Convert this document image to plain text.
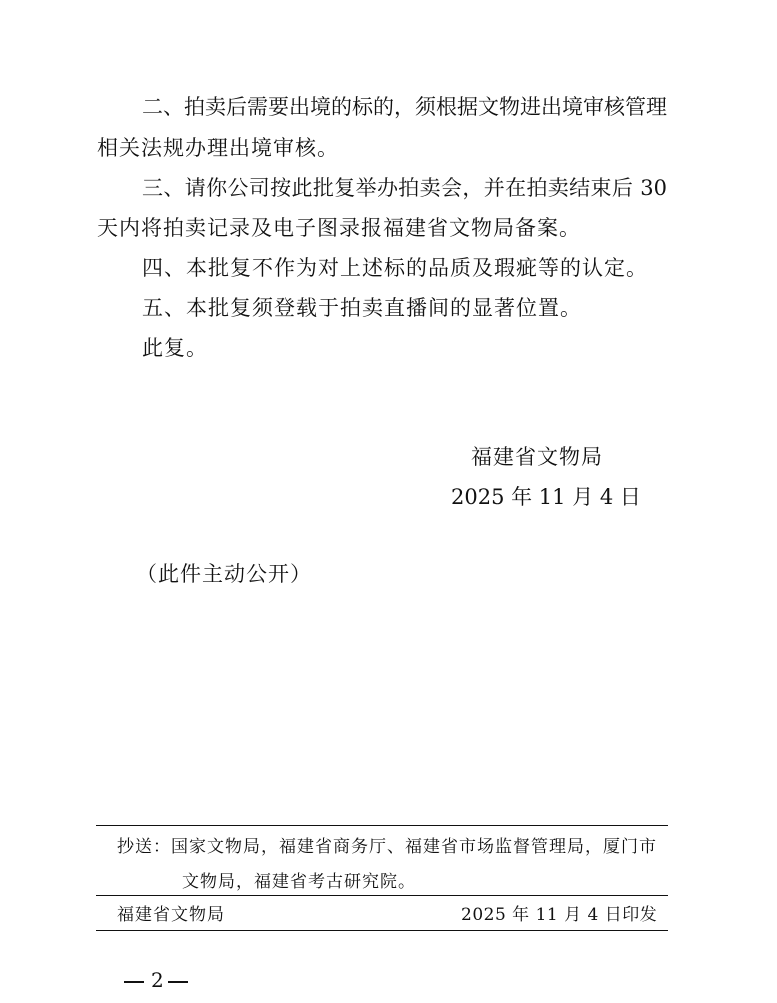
二、拍卖后需要出境的标的，须根据文物进出境审核管理

相关法规办理出境审核。

三、请你公司按此批复举办拍卖会，并在拍卖结束后 30

天内将拍卖记录及电子图录报福建省文物局备案。

四、本批复不作为对上述标的品质及瑕疵等的认定。

五、本批复须登载于拍卖直播间的显著位置。

此复。

福建省文物局

2025 年 11 月 4 日

（此件主动公开）

抄送：国家文物局，福建省商务厅、福建省市场监督管理局，厦门市

文物局，福建省考古研究院。

福建省文物局	2025 年 11 月 4 日印发

2
